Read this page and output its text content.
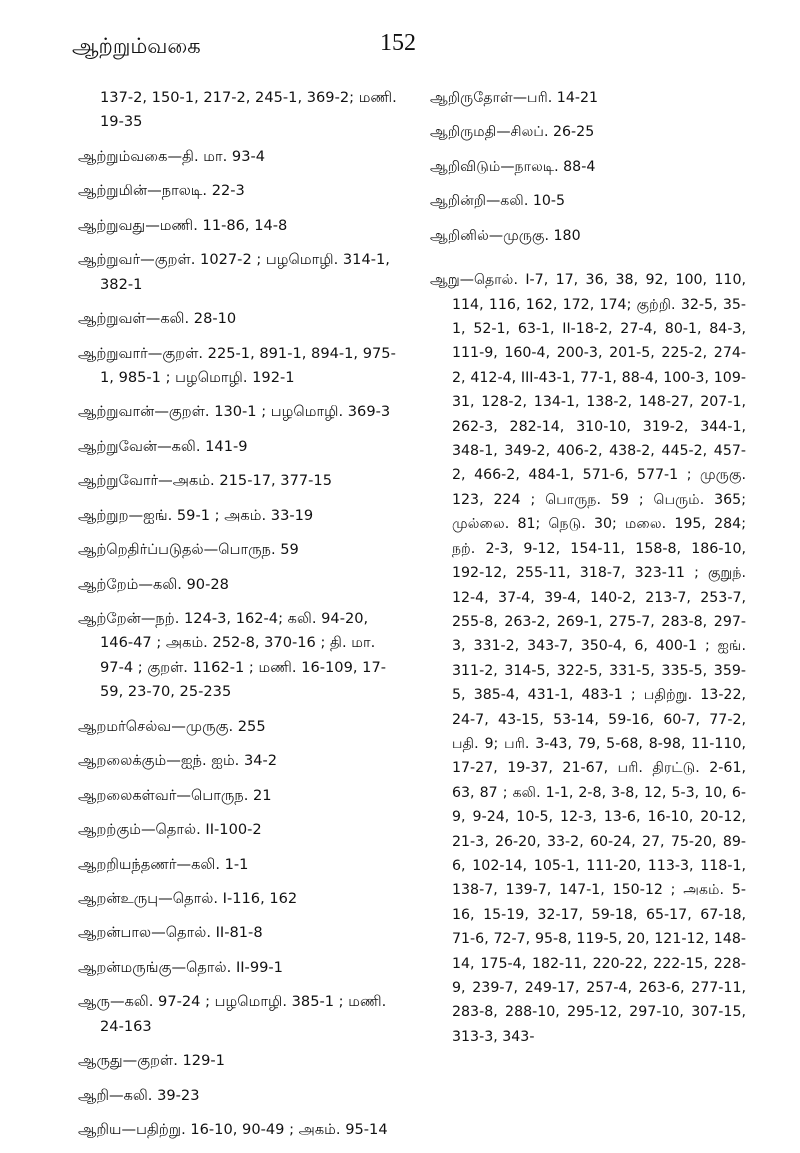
ஆற்றும்வகை	152

137-2, 150-1, 217-2, 245-1, 369-2; மணி. 19-35

ஆற்றும்வகை—தி. மா. 93-4

ஆற்றுமின்—நாலடி. 22-3

ஆற்றுவது—மணி. 11-86, 14-8

ஆற்றுவர்—குறள். 1027-2 ; பழமொழி. 314-1, 382-1

ஆற்றுவள்—கலி. 28-10

ஆற்றுவார்—குறள். 225-1, 891-1, 894-1, 975-1, 985-1 ; பழமொழி. 192-1

ஆற்றுவான்—குறள். 130-1 ; பழமொழி. 369-3

ஆற்றுவேன்—கலி. 141-9

ஆற்றுவோர்—அகம். 215-17, 377-15

ஆற்றுற—ஐங். 59-1 ; அகம். 33-19

ஆற்றெதிர்ப்படுதல்—பொருந. 59

ஆற்றேம்—கலி. 90-28

ஆற்றேன்—நற். 124-3, 162-4; கலி. 94-20, 146-47 ; அகம். 252-8, 370-16 ; தி. மா. 97-4 ; குறள். 1162-1 ; மணி. 16-109, 17-59, 23-70, 25-235

ஆறமர்செல்வ—முருகு. 255

ஆறலைக்கும்—ஐந். ஐம். 34-2

ஆறலைகள்வர்—பொருந. 21

ஆறற்கும்—தொல். II-100-2

ஆறறியந்தணர்—கலி. 1-1

ஆறன்உருபு—தொல். I-116, 162

ஆறன்பால—தொல். II-81-8

ஆறன்மருங்கு—தொல். II-99-1

ஆரு—கலி. 97-24 ; பழமொழி. 385-1 ; மணி. 24-163

ஆருது—குறள். 129-1

ஆறி—கலி. 39-23

ஆறிய—பதிற்று. 16-10, 90-49 ; அகம். 95-14

ஆறிருதோள்—பரி. 14-21

ஆறிருமதி—சிலப். 26-25

ஆறிவிடும்—நாலடி. 88-4

ஆறின்றி—கலி. 10-5

ஆறினில்—முருகு. 180

ஆறு—தொல். I-7, 17, 36, 38, 92, 100, 110, 114, 116, 162, 172, 174; குற்றி. 32-5, 35-1, 52-1, 63-1, II-18-2, 27-4, 80-1, 84-3, 111-9, 160-4, 200-3, 201-5, 225-2, 274-2, 412-4, III-43-1, 77-1, 88-4, 100-3, 109-31, 128-2, 134-1, 138-2, 148-27, 207-1, 262-3, 282-14, 310-10, 319-2, 344-1, 348-1, 349-2, 406-2, 438-2, 445-2, 457-2, 466-2, 484-1, 571-6, 577-1 ; முருகு. 123, 224 ; பொருந. 59 ; பெரும். 365; முல்லை. 81; நெடு. 30; மலை. 195, 284; நற். 2-3, 9-12, 154-11, 158-8, 186-10, 192-12, 255-11, 318-7, 323-11 ; குறுந். 12-4, 37-4, 39-4, 140-2, 213-7, 253-7, 255-8, 263-2, 269-1, 275-7, 283-8, 297-3, 331-2, 343-7, 350-4, 6, 400-1 ; ஐங். 311-2, 314-5, 322-5, 331-5, 335-5, 359-5, 385-4, 431-1, 483-1 ; பதிற்று. 13-22, 24-7, 43-15, 53-14, 59-16, 60-7, 77-2, பதி. 9; பரி. 3-43, 79, 5-68, 8-98, 11-110, 17-27, 19-37, 21-67, பரி. திரட்டு. 2-61, 63, 87 ; கலி. 1-1, 2-8, 3-8, 12, 5-3, 10, 6-9, 9-24, 10-5, 12-3, 13-6, 16-10, 20-12, 21-3, 26-20, 33-2, 60-24, 27, 75-20, 89-6, 102-14, 105-1, 111-20, 113-3, 118-1, 138-7, 139-7, 147-1, 150-12 ; அகம். 5-16, 15-19, 32-17, 59-18, 65-17, 67-18, 71-6, 72-7, 95-8, 119-5, 20, 121-12, 148-14, 175-4, 182-11, 220-22, 222-15, 228-9, 239-7, 249-17, 257-4, 263-6, 277-11, 283-8, 288-10, 295-12, 297-10, 307-15, 313-3, 343-
